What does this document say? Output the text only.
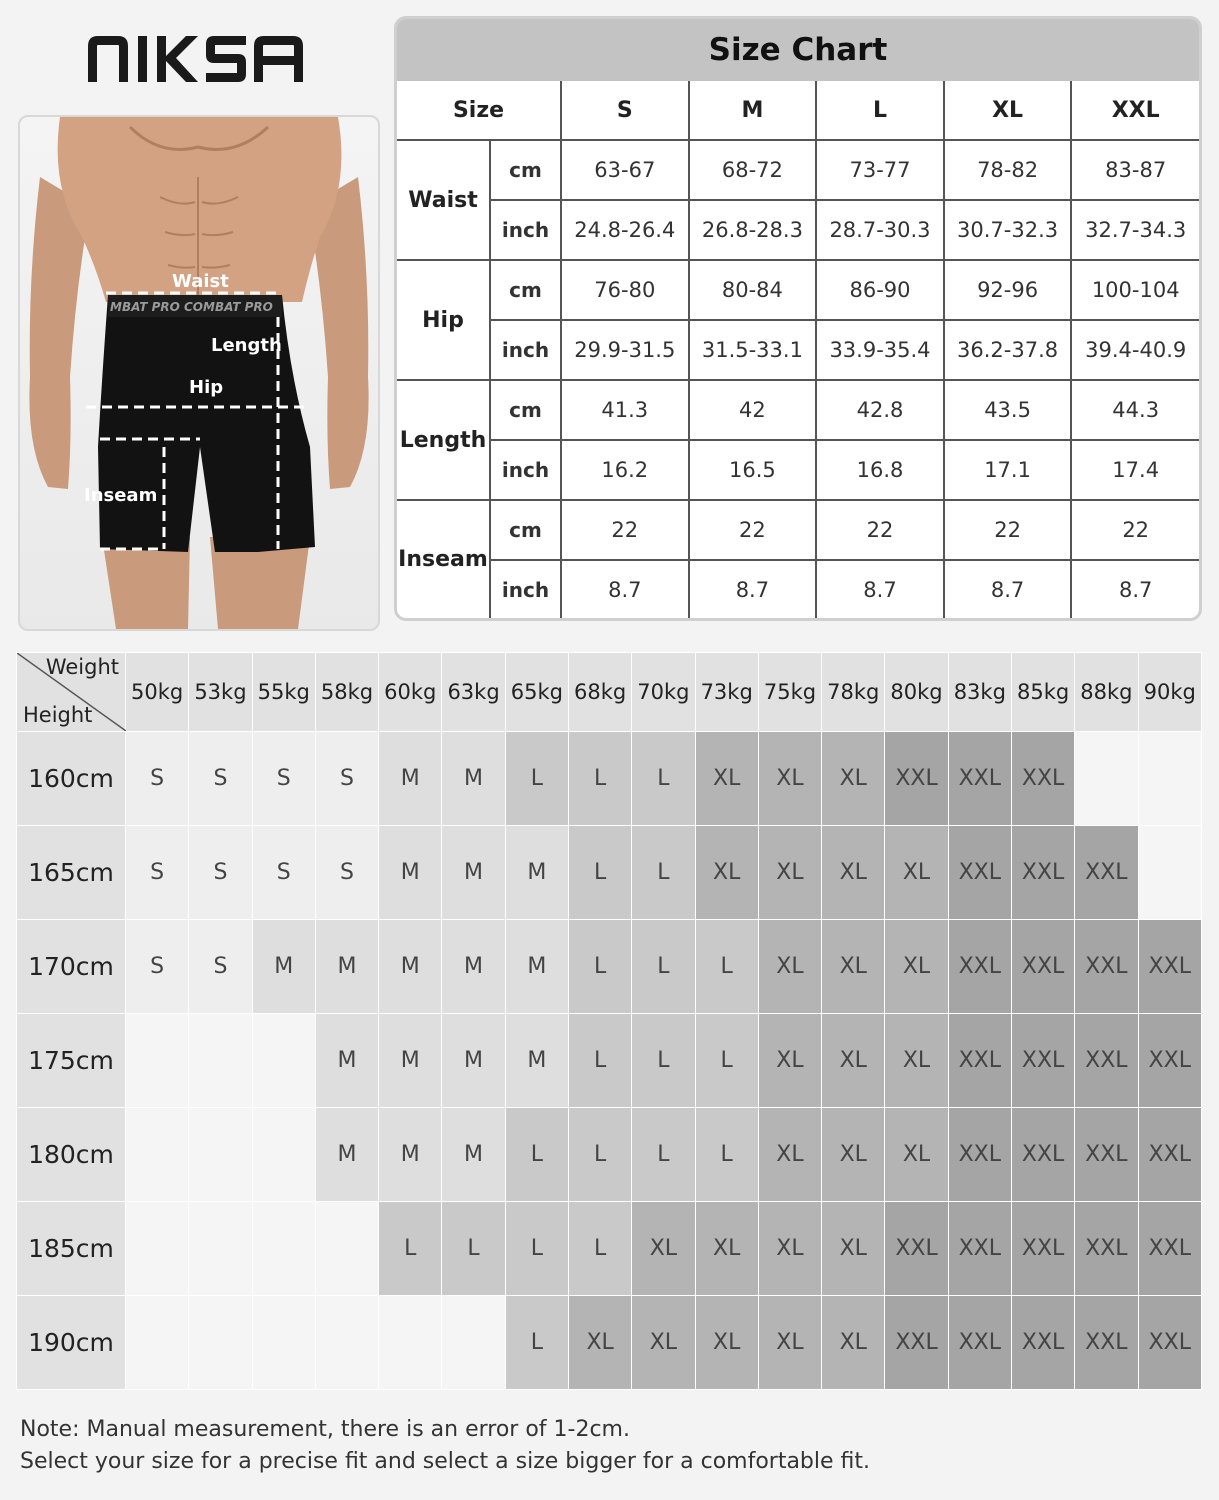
MBAT PRO COMBAT PRO
Waist
Length
Hip
Inseam
Size Chart
Size		S	M	L	XL	XXL
Waist	cm	63-67	68-72	73-77	78-82	83-87
	inch	24.8-26.4	26.8-28.3	28.7-30.3	30.7-32.3	32.7-34.3
Hip	cm	76-80	80-84	86-90	92-96	100-104
	inch	29.9-31.5	31.5-33.1	33.9-35.4	36.2-37.8	39.4-40.9
Length	cm	41.3	42	42.8	43.5	44.3
	inch	16.2	16.5	16.8	17.1	17.4
Inseam	cm	22	22	22	22	22
	inch	8.7	8.7	8.7	8.7	8.7
Weight
Height	50kg	53kg	55kg	58kg	60kg	63kg	65kg	68kg	70kg	73kg	75kg	78kg	80kg	83kg	85kg	88kg	90kg
160cm	S	S	S	S	M	M	L	L	L	XL	XL	XL	XXL	XXL	XXL		
165cm	S	S	S	S	M	M	M	L	L	XL	XL	XL	XL	XXL	XXL	XXL	
170cm	S	S	M	M	M	M	M	L	L	L	XL	XL	XL	XXL	XXL	XXL	XXL
175cm				M	M	M	M	L	L	L	XL	XL	XL	XXL	XXL	XXL	XXL
180cm				M	M	M	L	L	L	L	XL	XL	XL	XXL	XXL	XXL	XXL
185cm					L	L	L	L	XL	XL	XL	XL	XXL	XXL	XXL	XXL	XXL
190cm							L	XL	XL	XL	XL	XL	XXL	XXL	XXL	XXL	XXL
Note: Manual measurement, there is an error of 1-2cm.
Select your size for a precise fit and select a size bigger for a comfortable fit.
